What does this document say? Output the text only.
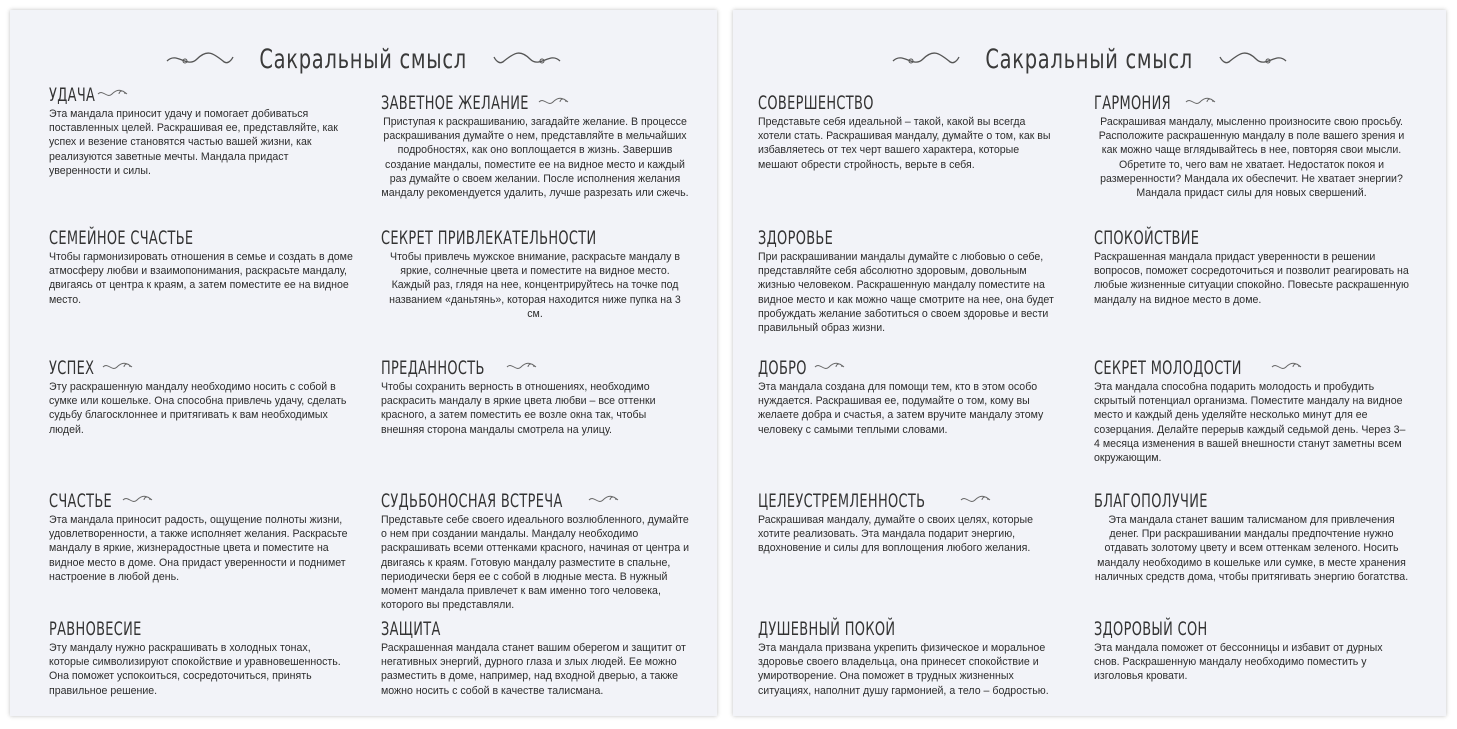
Сакральный смысл
УДАЧА
Эта мандала приносит удачу и помогает добиваться поставленных целей. Раскрашивая ее, представляйте, как успех и везение становятся частью вашей жизни, как реализуются заветные мечты. Мандала придаст уверенности и силы.
ЗАВЕТНОЕ ЖЕЛАНИЕ
Приступая к раскрашиванию, загадайте желание. В процессе раскрашивания думайте о нем, представляйте в мельчайших подробностях, как оно воплощается в жизнь. Завершив создание мандалы, поместите ее на видное место и каждый раз думайте о своем желании. После исполнения желания мандалу рекомендуется удалить, лучше разрезать или сжечь.
СЕМЕЙНОЕ СЧАСТЬЕ
Чтобы гармонизировать отношения в семье и создать в доме атмосферу любви и взаимопонимания, раскрасьте мандалу, двигаясь от центра к краям, а затем поместите ее на видное место.
СЕКРЕТ ПРИВЛЕКАТЕЛЬНОСТИ
Чтобы привлечь мужское внимание, раскрасьте мандалу в яркие, солнечные цвета и поместите на видное место. Каждый раз, глядя на нее, концентрируйтесь на точке под названием «даньтянь», которая находится ниже пупка на 3 см.
УСПЕХ
Эту раскрашенную мандалу необходимо носить с собой в сумке или кошельке. Она способна привлечь удачу, сделать судьбу благосклоннее и притягивать к вам необходимых людей.
ПРЕДАННОСТЬ
Чтобы сохранить верность в отношениях, необходимо раскрасить мандалу в яркие цвета любви – все оттенки красного, а затем поместить ее возле окна так, чтобы внешняя сторона мандалы смотрела на улицу.
СЧАСТЬЕ
Эта мандала приносит радость, ощущение полноты жизни, удовлетворенности, а также исполняет желания. Раскрасьте мандалу в яркие, жизнерадостные цвета и поместите на видное место в доме. Она придаст уверенности и поднимет настроение в любой день.
СУДЬБОНОСНАЯ ВСТРЕЧА
Представьте себе своего идеального возлюбленного, думайте о нем при создании мандалы. Мандалу необходимо раскрашивать всеми оттенками красного, начиная от центра и двигаясь к краям. Готовую мандалу разместите в спальне, периодически беря ее с собой в людные места. В нужный момент мандала привлечет к вам именно того человека, которого вы представляли.
РАВНОВЕСИЕ
Эту мандалу нужно раскрашивать в холодных тонах, которые символизируют спокойствие и уравновешенность. Она поможет успокоиться, сосредоточиться, принять правильное решение.
ЗАЩИТА
Раскрашенная мандала станет вашим оберегом и защитит от негативных энергий, дурного глаза и злых людей. Ее можно разместить в доме, например, над входной дверью, а также можно носить с собой в качестве талисмана.
Сакральный смысл
СОВЕРШЕНСТВО
Представьте себя идеальной – такой, какой вы всегда хотели стать. Раскрашивая мандалу, думайте о том, как вы избавляетесь от тех черт вашего характера, которые мешают обрести стройность, верьте в себя.
ГАРМОНИЯ
Раскрашивая мандалу, мысленно произносите свою просьбу. Расположите раскрашенную мандалу в поле вашего зрения и как можно чаще вглядывайтесь в нее, повторяя свои мысли. Обретите то, чего вам не хватает. Недостаток покоя и размеренности? Мандала их обеспечит. Не хватает энергии? Мандала придаст силы для новых свершений.
ЗДОРОВЬЕ
При раскрашивании мандалы думайте с любовью о себе, представляйте себя абсолютно здоровым, довольным жизнью человеком. Раскрашенную мандалу поместите на видное место и как можно чаще смотрите на нее, она будет пробуждать желание заботиться о своем здоровье и вести правильный образ жизни.
СПОКОЙСТВИЕ
Раскрашенная мандала придаст уверенности в решении вопросов, поможет сосредоточиться и позволит реагировать на любые жизненные ситуации спокойно. Повесьте раскрашенную мандалу на видное место в доме.
ДОБРО
Эта мандала создана для помощи тем, кто в этом особо нуждается. Раскрашивая ее, подумайте о том, кому вы желаете добра и счастья, а затем вручите мандалу этому человеку с самыми теплыми словами.
СЕКРЕТ МОЛОДОСТИ
Эта мандала способна подарить молодость и пробудить скрытый потенциал организма. Поместите мандалу на видное место и каждый день уделяйте несколько минут для ее созерцания. Делайте перерыв каждый седьмой день. Через 3–4 месяца изменения в вашей внешности станут заметны всем окружающим.
ЦЕЛЕУСТРЕМЛЕННОСТЬ
Раскрашивая мандалу, думайте о своих целях, которые хотите реализовать. Эта мандала подарит энергию, вдохновение и силы для воплощения любого желания.
БЛАГОПОЛУЧИЕ
Эта мандала станет вашим талисманом для привлечения денег. При раскрашивании мандалы предпочтение нужно отдавать золотому цвету и всем оттенкам зеленого. Носить мандалу необходимо в кошельке или сумке, в месте хранения наличных средств дома, чтобы притягивать энергию богатства.
ДУШЕВНЫЙ ПОКОЙ
Эта мандала призвана укрепить физическое и моральное здоровье своего владельца, она принесет спокойствие и умиротворение. Она поможет в трудных жизненных ситуациях, наполнит душу гармонией, а тело – бодростью.
ЗДОРОВЫЙ СОН
Эта мандала поможет от бессонницы и избавит от дурных снов. Раскрашенную мандалу необходимо поместить у изголовья кровати.
